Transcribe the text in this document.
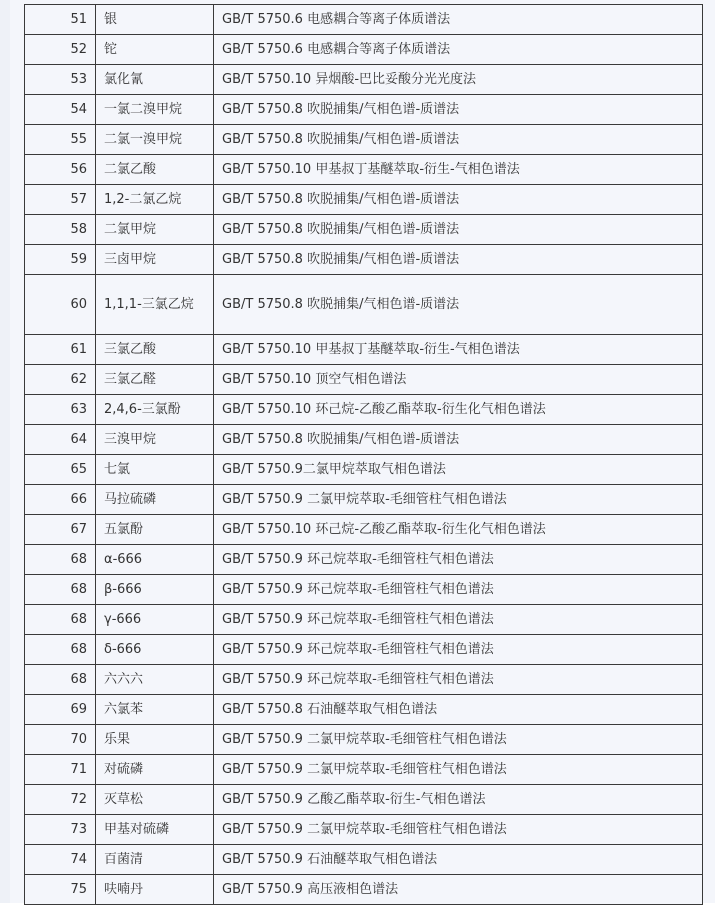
51	银	GB/T 5750.6 电感耦合等离子体质谱法
52	铊	GB/T 5750.6 电感耦合等离子体质谱法
53	氯化氰	GB/T 5750.10 异烟酸-巴比妥酸分光光度法
54	一氯二溴甲烷	GB/T 5750.8 吹脱捕集/气相色谱-质谱法
55	二氯一溴甲烷	GB/T 5750.8 吹脱捕集/气相色谱-质谱法
56	二氯乙酸	GB/T 5750.10 甲基叔丁基醚萃取-衍生-气相色谱法
57	1,2-二氯乙烷	GB/T 5750.8 吹脱捕集/气相色谱-质谱法
58	二氯甲烷	GB/T 5750.8 吹脱捕集/气相色谱-质谱法
59	三卤甲烷	GB/T 5750.8 吹脱捕集/气相色谱-质谱法
60	1,1,1-三氯乙烷	GB/T 5750.8 吹脱捕集/气相色谱-质谱法
61	三氯乙酸	GB/T 5750.10 甲基叔丁基醚萃取-衍生-气相色谱法
62	三氯乙醛	GB/T 5750.10 顶空气相色谱法
63	2,4,6-三氯酚	GB/T 5750.10 环己烷-乙酸乙酯萃取-衍生化气相色谱法
64	三溴甲烷	GB/T 5750.8 吹脱捕集/气相色谱-质谱法
65	七氯	GB/T 5750.9二氯甲烷萃取气相色谱法
66	马拉硫磷	GB/T 5750.9 二氯甲烷萃取-毛细管柱气相色谱法
67	五氯酚	GB/T 5750.10 环己烷-乙酸乙酯萃取-衍生化气相色谱法
68	α-666	GB/T 5750.9 环己烷萃取-毛细管柱气相色谱法
68	β-666	GB/T 5750.9 环己烷萃取-毛细管柱气相色谱法
68	γ-666	GB/T 5750.9 环己烷萃取-毛细管柱气相色谱法
68	δ-666	GB/T 5750.9 环己烷萃取-毛细管柱气相色谱法
68	六六六	GB/T 5750.9 环己烷萃取-毛细管柱气相色谱法
69	六氯苯	GB/T 5750.8 石油醚萃取气相色谱法
70	乐果	GB/T 5750.9 二氯甲烷萃取-毛细管柱气相色谱法
71	对硫磷	GB/T 5750.9 二氯甲烷萃取-毛细管柱气相色谱法
72	灭草松	GB/T 5750.9 乙酸乙酯萃取-衍生-气相色谱法
73	甲基对硫磷	GB/T 5750.9 二氯甲烷萃取-毛细管柱气相色谱法
74	百菌清	GB/T 5750.9 石油醚萃取气相色谱法
75	呋喃丹	GB/T 5750.9 高压液相色谱法
